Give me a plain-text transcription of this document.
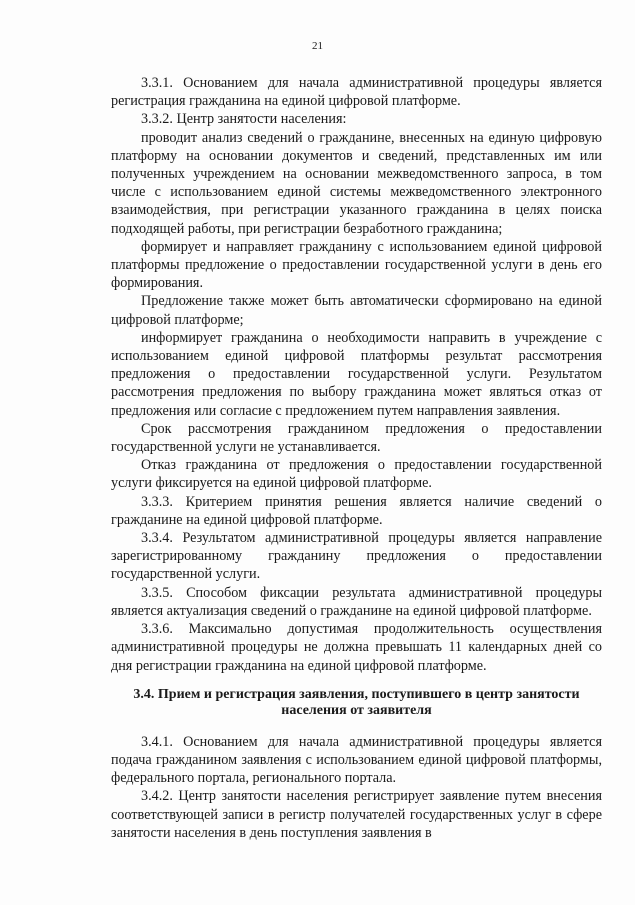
21

3.3.1. Основанием для начала административной процедуры является регистрация гражданина на единой цифровой платформе.

3.3.2. Центр занятости населения:

проводит анализ сведений о гражданине, внесенных на единую цифровую платформу на основании документов и сведений, представленных им или полученных учреждением на основании межведомственного запроса, в том числе с использованием единой системы межведомственного электронного взаимодействия, при регистрации указанного гражданина в целях поиска подходящей работы, при регистрации безработного гражданина;

формирует и направляет гражданину с использованием единой цифровой платформы предложение о предоставлении государственной услуги в день его формирования.

Предложение также может быть автоматически сформировано на единой цифровой платформе;

информирует гражданина о необходимости направить в учреждение с использованием единой цифровой платформы результат рассмотрения предложения о предоставлении государственной услуги. Результатом рассмотрения предложения по выбору гражданина может являться отказ от предложения или согласие с предложением путем направления заявления.

Срок рассмотрения гражданином предложения о предоставлении государственной услуги не устанавливается.

Отказ гражданина от предложения о предоставлении государственной услуги фиксируется на единой цифровой платформе.

3.3.3. Критерием принятия решения является наличие сведений о гражданине на единой цифровой платформе.

3.3.4. Результатом административной процедуры является направление зарегистрированному гражданину предложения о предоставлении государственной услуги.

3.3.5. Способом фиксации результата административной процедуры является актуализация сведений о гражданине на единой цифровой платформе.

3.3.6. Максимально допустимая продолжительность осуществления административной процедуры не должна превышать 11 календарных дней со дня регистрации гражданина на единой цифровой платформе.

3.4. Прием и регистрация заявления, поступившего в центр занятости
населения от заявителя

3.4.1. Основанием для начала административной процедуры является подача гражданином заявления с использованием единой цифровой платформы, федерального портала, регионального портала.

3.4.2. Центр занятости населения регистрирует заявление путем внесения соответствующей записи в регистр получателей государственных услуг в сфере занятости населения в день поступления заявления в
